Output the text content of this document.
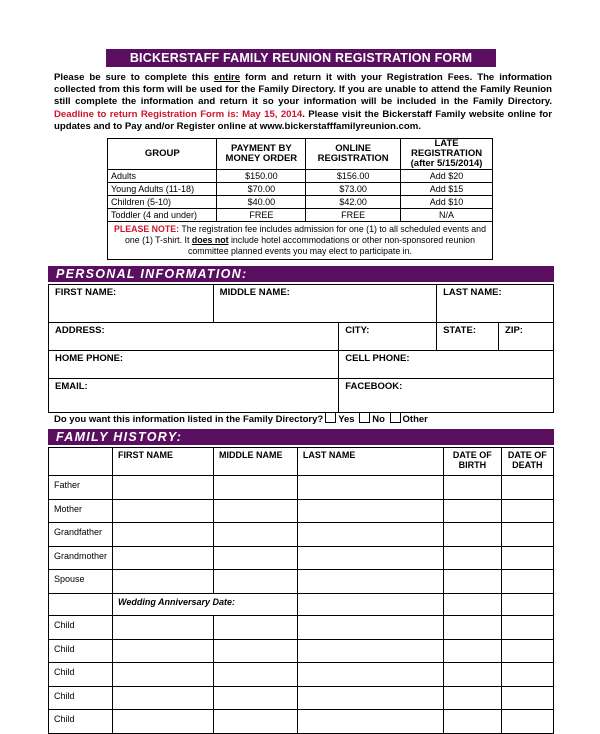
BICKERSTAFF FAMILY REUNION REGISTRATION FORM
Please be sure to complete this entire form and return it with your Registration Fees. The information collected from this form will be used for the Family Directory. If you are unable to attend the Family Reunion still complete the information and return it so your information will be included in the Family Directory. Deadline to return Registration Form is: May 15, 2014. Please visit the Bickerstaff Family website online for updates and to Pay and/or Register online at www.bickerstafffamilyreunion.com.
GROUP	PAYMENT BY MONEY ORDER	ONLINE REGISTRATION	LATE REGISTRATION (after 5/15/2014)
Adults	$150.00	$156.00	Add $20
Young Adults (11-18)	$70.00	$73.00	Add $15
Children (5-10)	$40.00	$42.00	Add $10
Toddler (4 and under)	FREE	FREE	N/A
PLEASE NOTE: The registration fee includes admission for one (1) to all scheduled events and one (1) T-shirt. It does not include hotel accommodations or other non-sponsored reunion committee planned events you may elect to participate in.			
PERSONAL INFORMATION:
FIRST NAME:	MIDDLE NAME:		LAST NAME:	
ADDRESS:		CITY:	STATE:	ZIP:
HOME PHONE:		CELL PHONE:		
EMAIL:		FACEBOOK:		
Do you want this information listed in the Family Directory? Yes No Other
FAMILY HISTORY:
	FIRST NAME	MIDDLE NAME	LAST NAME	DATE OF BIRTH	DATE OF DEATH
Father					
Mother					
Grandfather					
Grandmother					
Spouse					
	Wedding Anniversary Date:				
Child					
Child					
Child					
Child					
Child					
